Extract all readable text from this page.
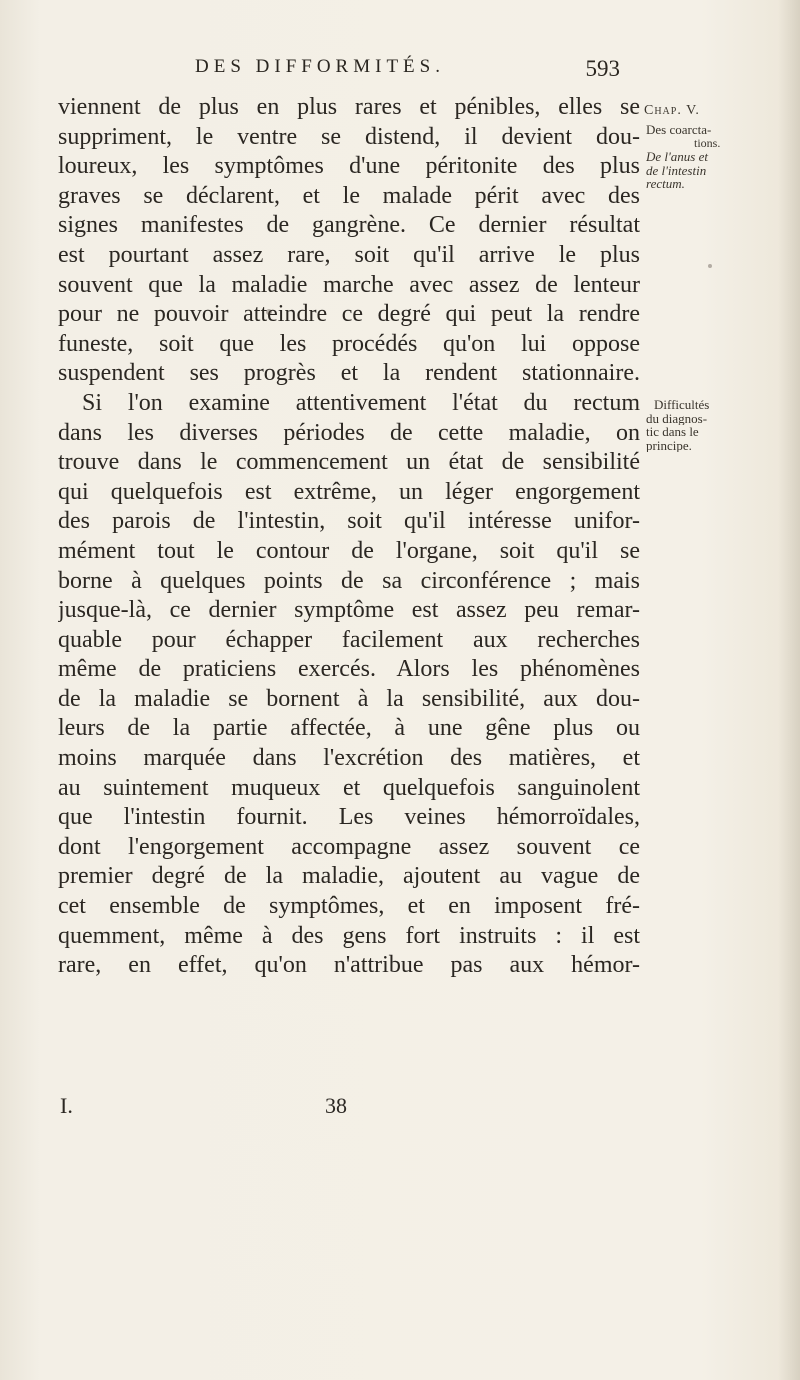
DES DIFFORMITÉS.	593
Chap. V.
Des coarcta-
tions.
De l'anus et
de l'intestin
rectum.
Difficultés
du diagnos-
tic dans le
principe.
viennent de plus en plus rares et pénibles, elles se
suppriment, le ventre se distend, il devient dou-
loureux, les symptômes d'une péritonite des plus
graves se déclarent, et le malade périt avec des
signes manifestes de gangrène. Ce dernier résultat
est pourtant assez rare, soit qu'il arrive le plus
souvent que la maladie marche avec assez de lenteur
pour ne pouvoir atteindre ce degré qui peut la rendre
funeste, soit que les procédés qu'on lui oppose
suspendent ses progrès et la rendent stationnaire.
Si l'on examine attentivement l'état du rectum
dans les diverses périodes de cette maladie, on
trouve dans le commencement un état de sensibilité
qui quelquefois est extrême, un léger engorgement
des parois de l'intestin, soit qu'il intéresse unifor-
mément tout le contour de l'organe, soit qu'il se
borne à quelques points de sa circonférence ; mais
jusque-là, ce dernier symptôme est assez peu remar-
quable pour échapper facilement aux recherches
même de praticiens exercés. Alors les phénomènes
de la maladie se bornent à la sensibilité, aux dou-
leurs de la partie affectée, à une gêne plus ou
moins marquée dans l'excrétion des matières, et
au suintement muqueux et quelquefois sanguinolent
que l'intestin fournit. Les veines hémorroïdales,
dont l'engorgement accompagne assez souvent ce
premier degré de la maladie, ajoutent au vague de
cet ensemble de symptômes, et en imposent fré-
quemment, même à des gens fort instruits : il est
rare, en effet, qu'on n'attribue pas aux hémor-
I.	38
